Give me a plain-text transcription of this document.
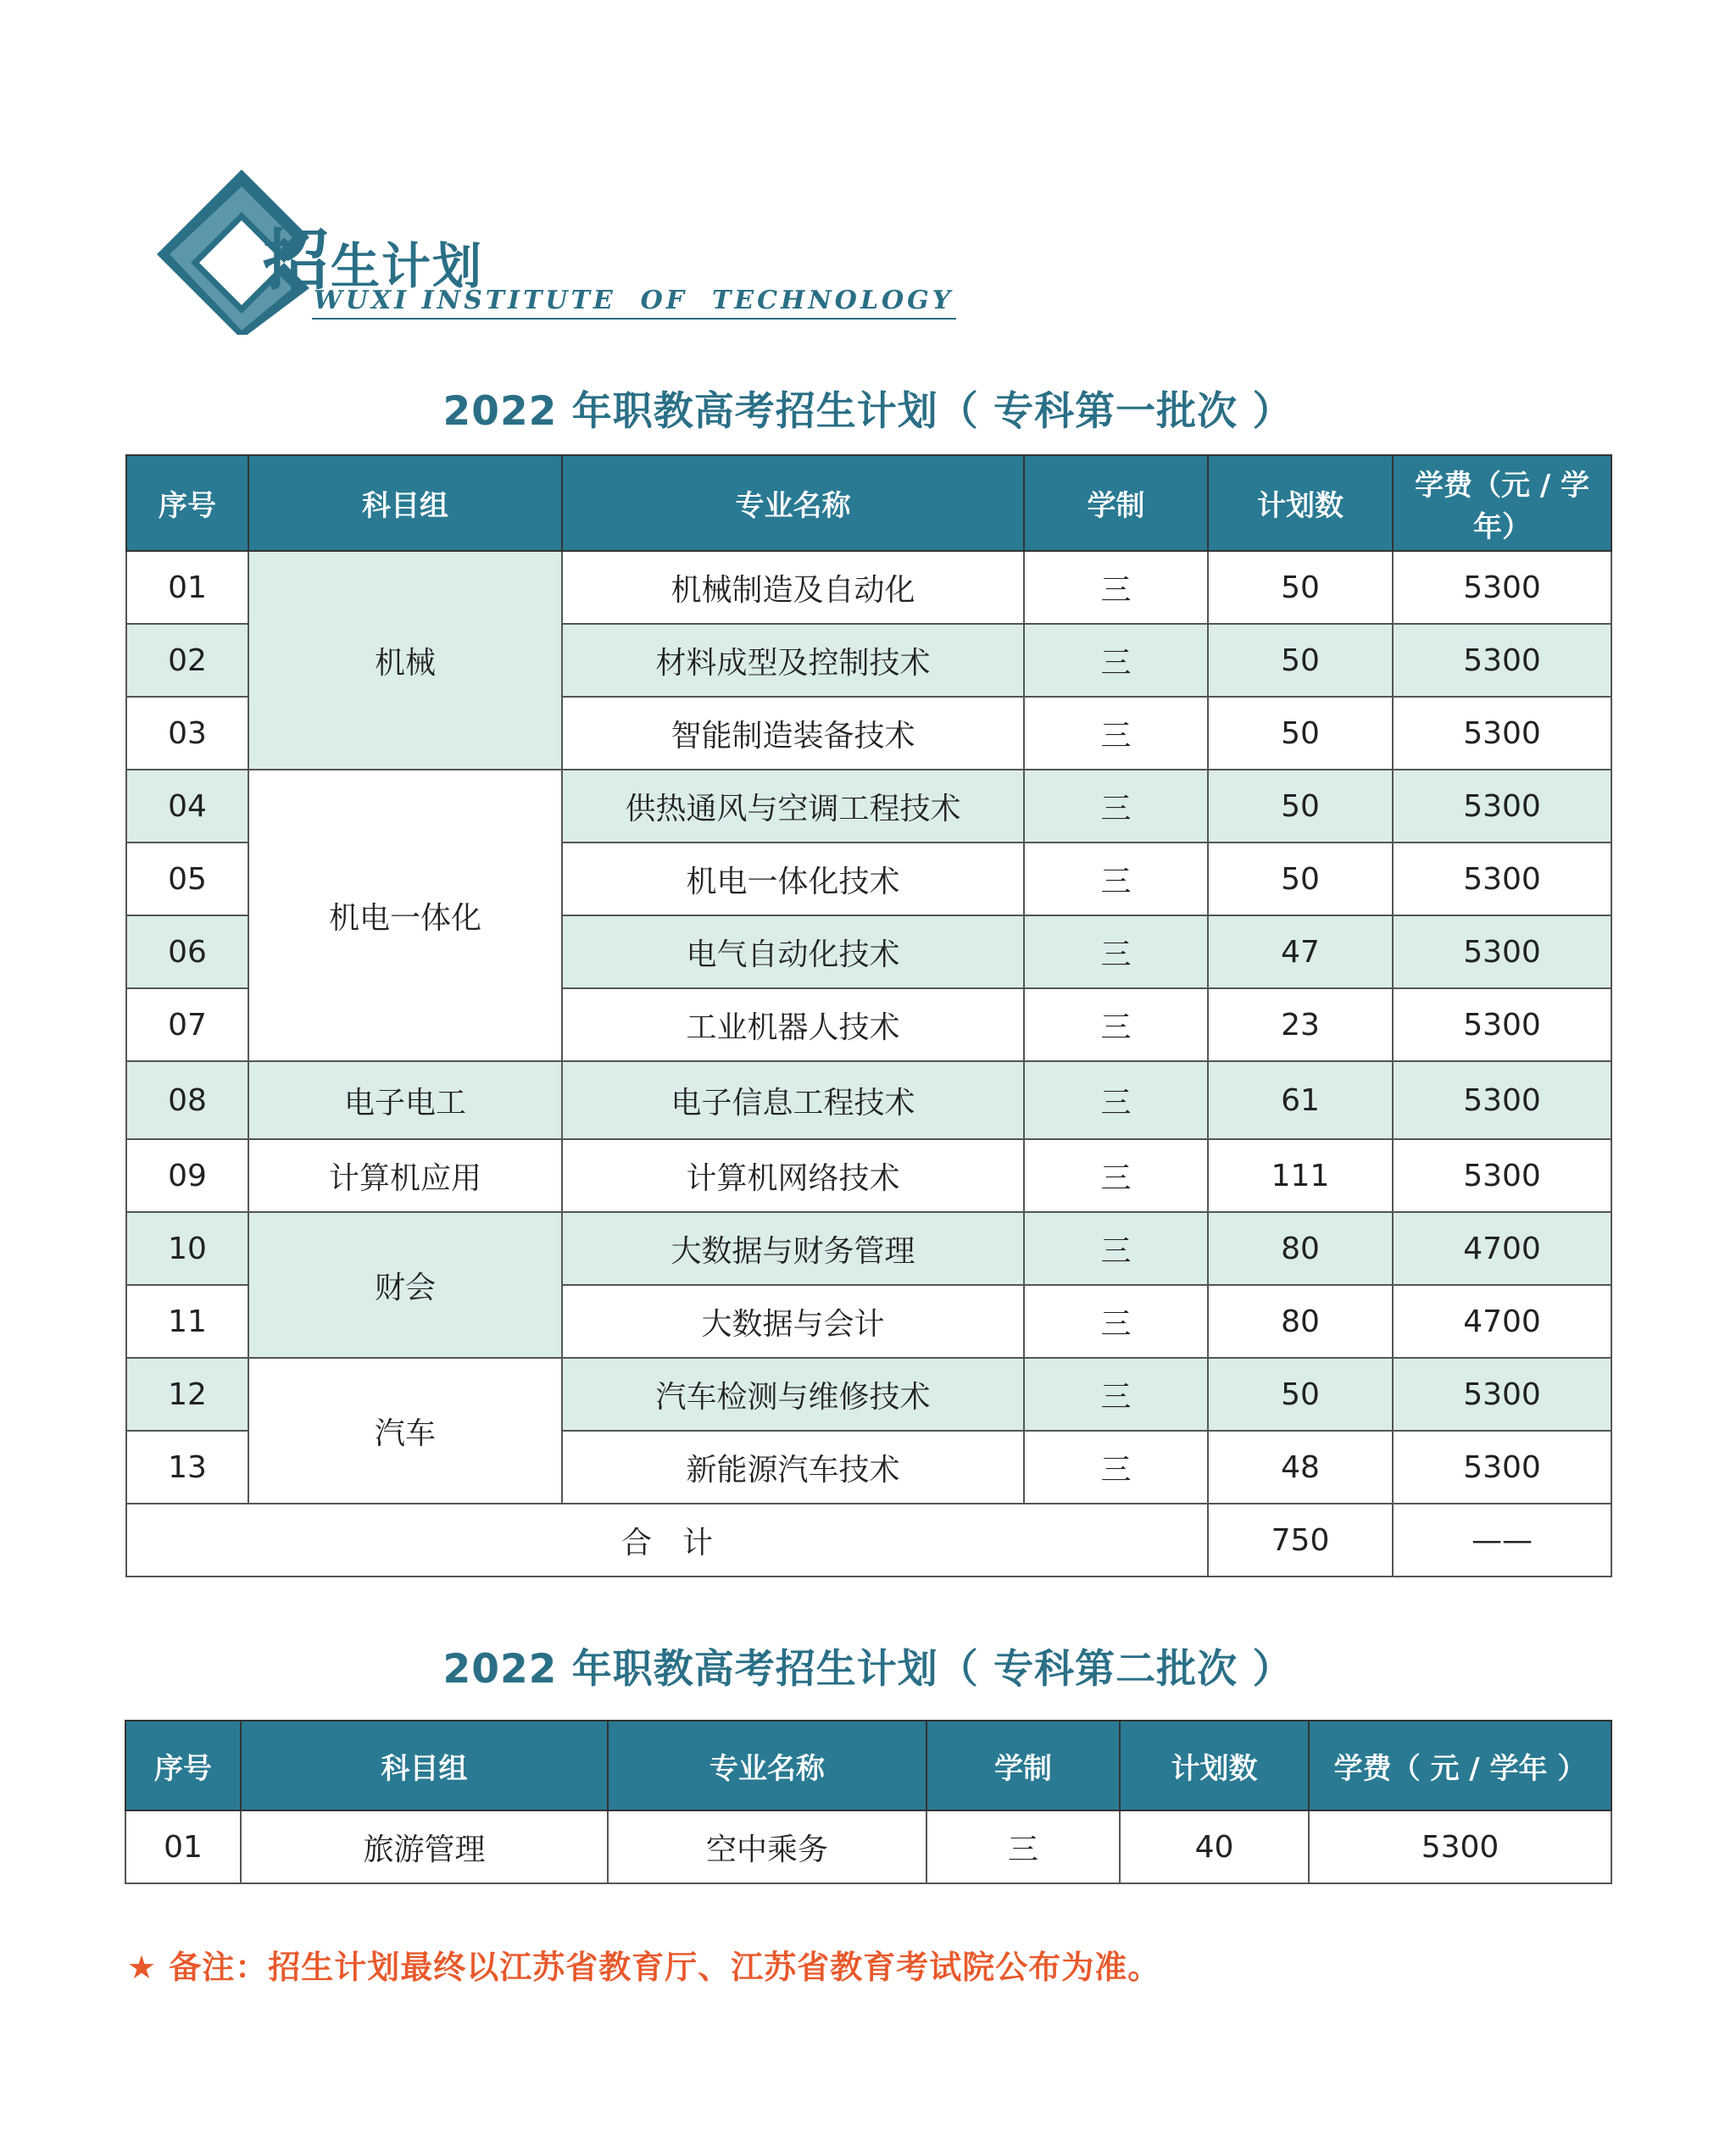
招生计划
WUXI INSTITUTE  OF  TECHNOLOGY
2022 年职教高考招生计划（ 专科第一批次 ）
序号	科目组	专业名称	学制	计划数	学费（元 / 学年）
01	机械	机械制造及自动化	三	50	5300
02		材料成型及控制技术	三	50	5300
03		智能制造装备技术	三	50	5300
04	机电一体化	供热通风与空调工程技术	三	50	5300
05		机电一体化技术	三	50	5300
06		电气自动化技术	三	47	5300
07		工业机器人技术	三	23	5300
08	电子电工	电子信息工程技术	三	61	5300
09	计算机应用	计算机网络技术	三	111	5300
10	财会	大数据与财务管理	三	80	4700
11		大数据与会计	三	80	4700
12	汽车	汽车检测与维修技术	三	50	5300
13		新能源汽车技术	三	48	5300
合　计				750	——
2022 年职教高考招生计划（ 专科第二批次 ）
序号	科目组	专业名称	学制	计划数	学费（ 元 / 学年 ）
01	旅游管理	空中乘务	三	40	5300
★ 备注：招生计划最终以江苏省教育厅、江苏省教育考试院公布为准。
